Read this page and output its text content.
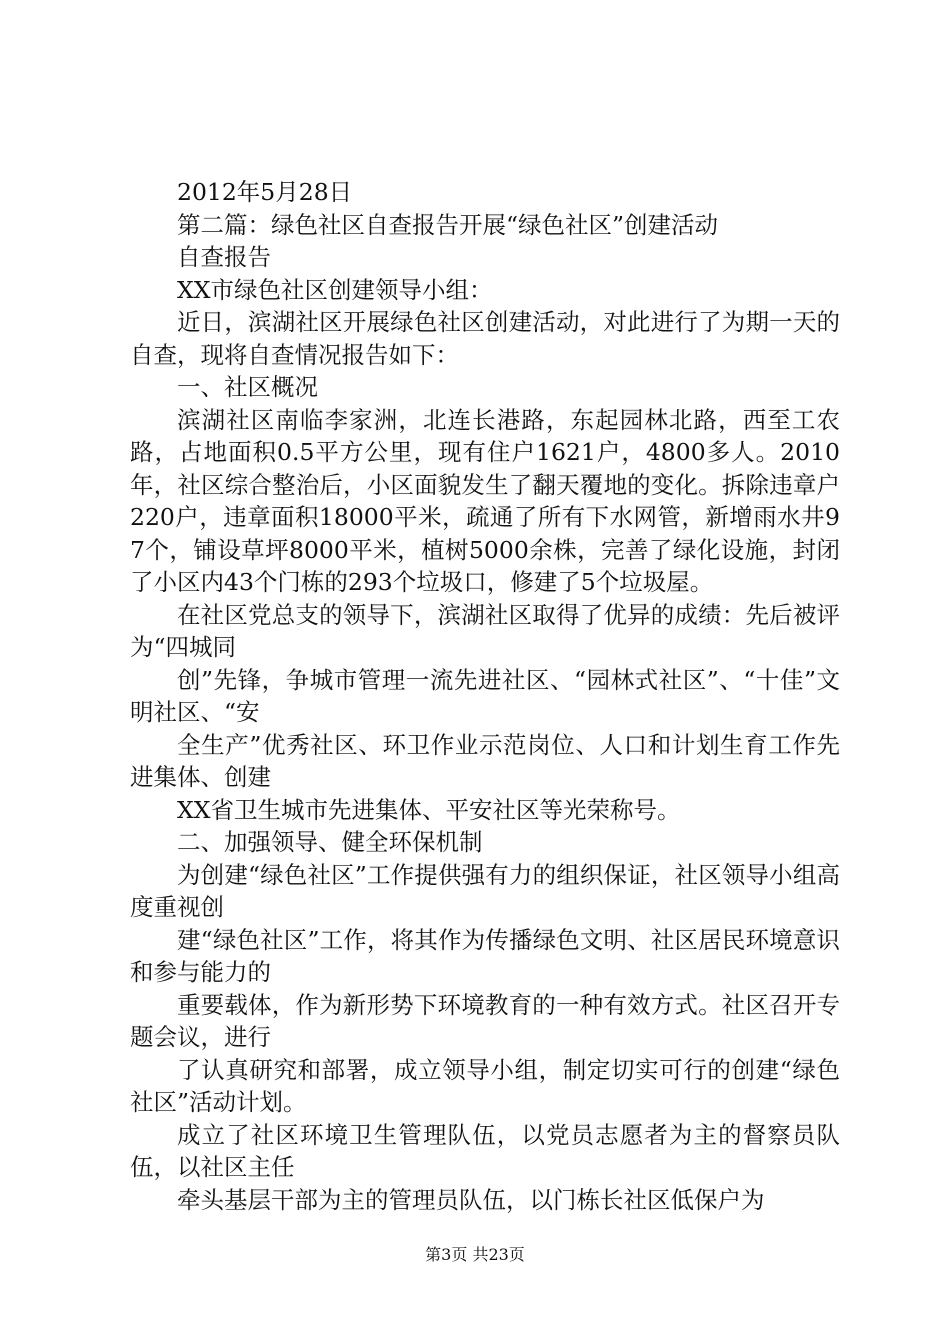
2012年5月28日

第二篇：绿色社区自查报告开展“绿色社区”创建活动

自查报告

XX市绿色社区创建领导小组：

近日，滨湖社区开展绿色社区创建活动，对此进行了为期一天的自查，现将自查情况报告如下：

一、社区概况

滨湖社区南临李家洲，北连长港路，东起园林北路，西至工农路，占地面积0.5平方公里，现有住户1621户，4800多人。2010年，社区综合整治后，小区面貌发生了翻天覆地的变化。拆除违章户220户，违章面积18000平米，疏通了所有下水网管，新增雨水井97个，铺设草坪8000平米，植树5000余株，完善了绿化设施，封闭了小区内43个门栋的293个垃圾口，修建了5个垃圾屋。

在社区党总支的领导下，滨湖社区取得了优异的成绩：先后被评为“四城同

创”先锋，争城市管理一流先进社区、“园林式社区”、“十佳”文明社区、“安

全生产”优秀社区、环卫作业示范岗位、人口和计划生育工作先进集体、创建

XX省卫生城市先进集体、平安社区等光荣称号。

二、加强领导、健全环保机制

为创建“绿色社区”工作提供强有力的组织保证，社区领导小组高度重视创

建“绿色社区”工作，将其作为传播绿色文明、社区居民环境意识和参与能力的

重要载体，作为新形势下环境教育的一种有效方式。社区召开专题会议，进行

了认真研究和部署，成立领导小组，制定切实可行的创建“绿色社区”活动计划。

成立了社区环境卫生管理队伍，以党员志愿者为主的督察员队伍，以社区主任

牵头基层干部为主的管理员队伍，以门栋长社区低保户为

第3页 共23页
